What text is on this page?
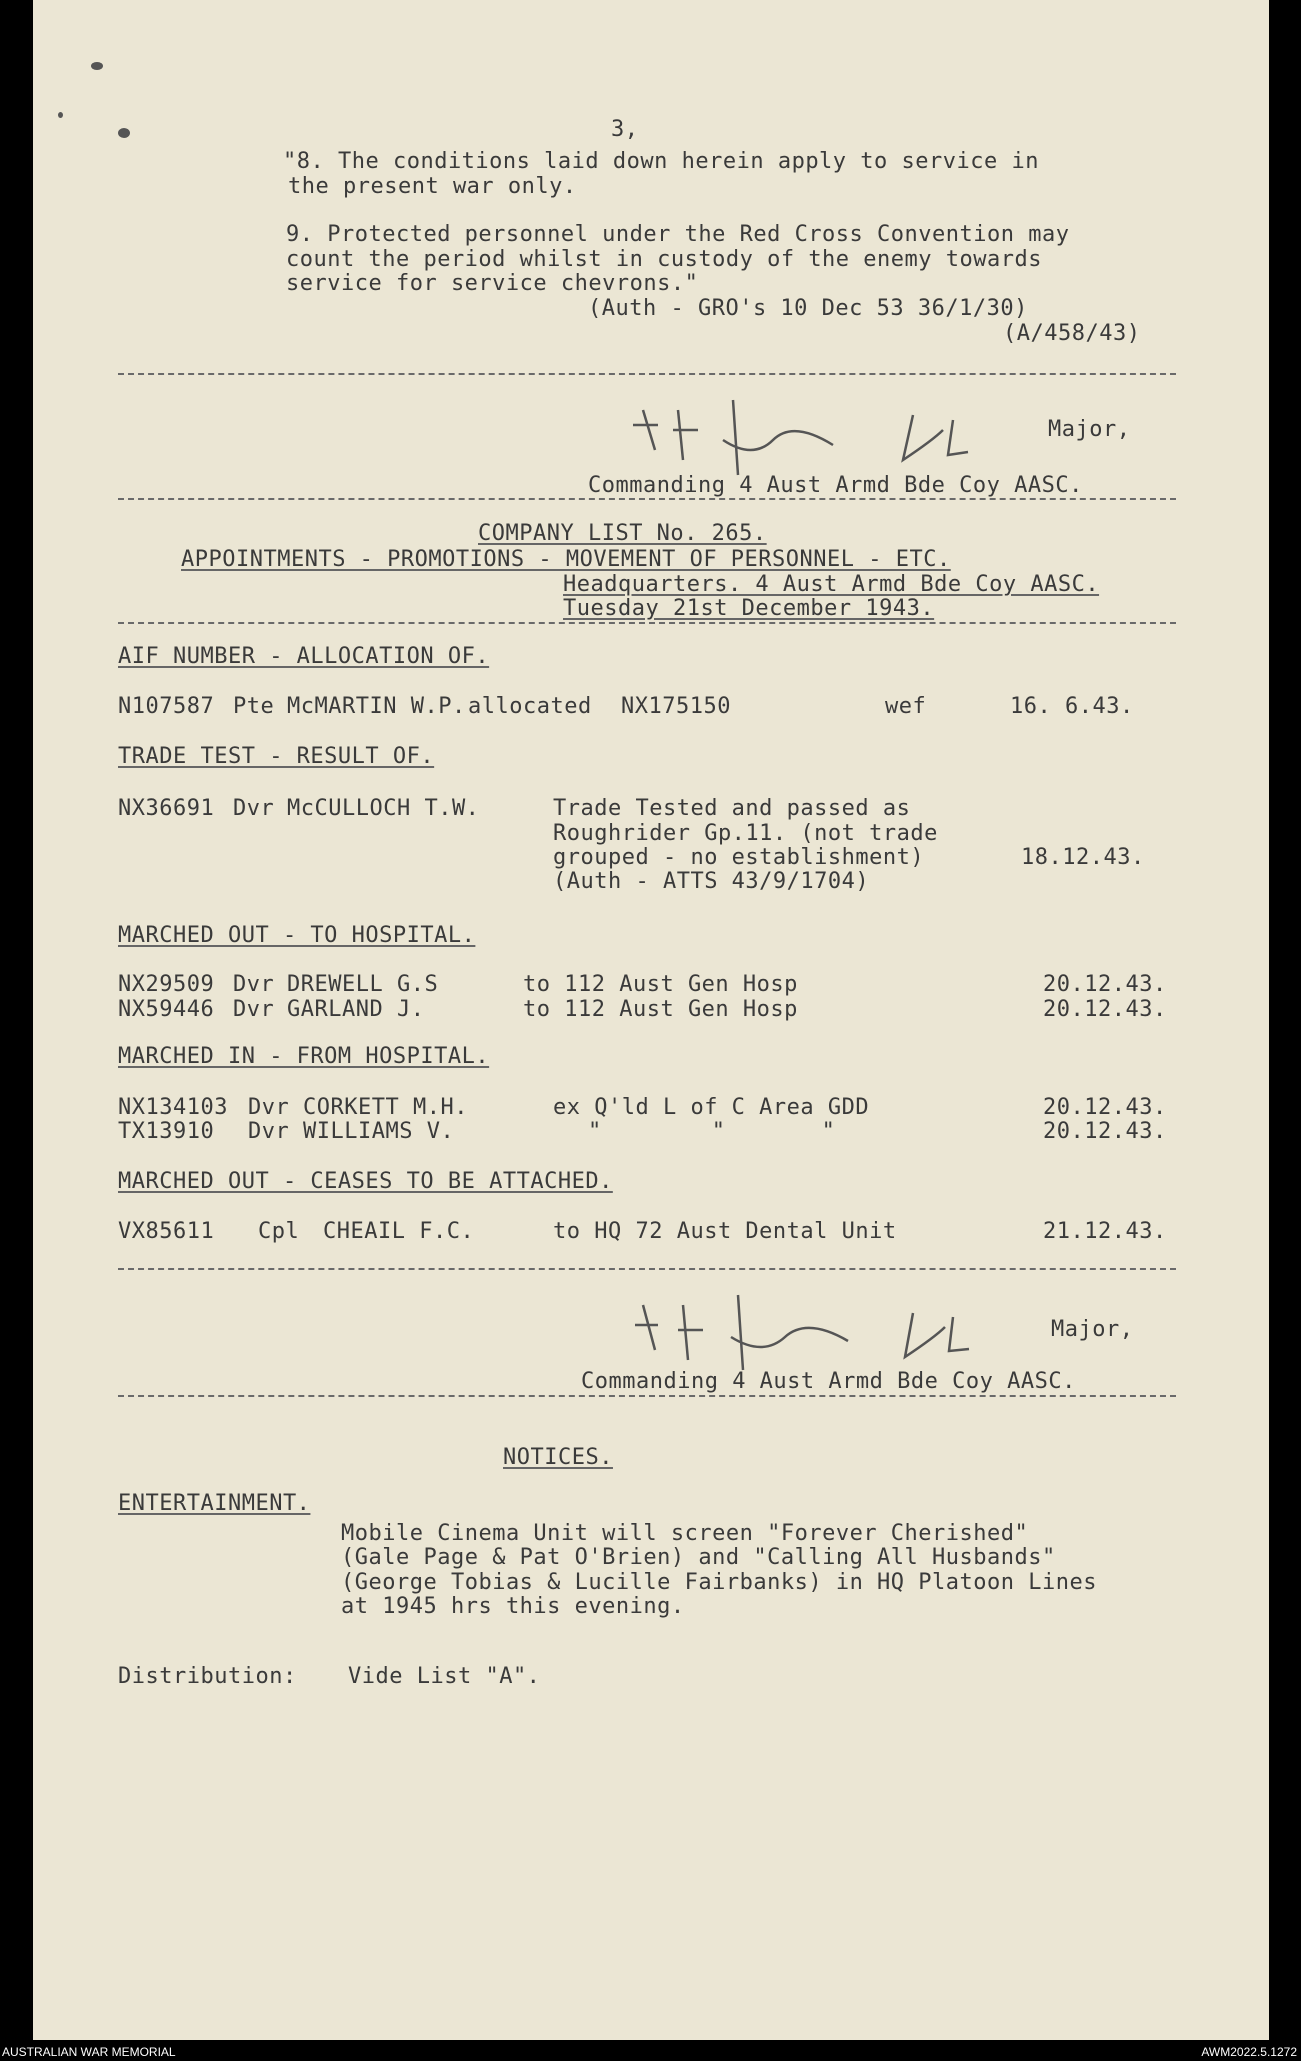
3,
"8. The conditions laid down herein apply to service in
the present war only.
9. Protected personnel under the Red Cross Convention may
count the period whilst in custody of the enemy towards
service for service chevrons."
(Auth - GRO's 10 Dec 53 36/1/30)
(A/458/43)
Major,
Commanding 4 Aust Armd Bde Coy AASC.
COMPANY LIST No. 265.
APPOINTMENTS - PROMOTIONS - MOVEMENT OF PERSONNEL - ETC.
Headquarters. 4 Aust Armd Bde Coy AASC.
Tuesday 21st December 1943.
AIF NUMBER - ALLOCATION OF.
N107587 Pte McMARTIN W.P. allocated NX175150	wef	16. 6.43.
TRADE TEST - RESULT OF.
NX36691 Dvr McCULLOCH T.W.	Trade Tested and passed as
Roughrider Gp.11. (not trade
grouped - no establishment)	18.12.43.
(Auth - ATTS 43/9/1704)
MARCHED OUT - TO HOSPITAL.
NX29509 Dvr DREWELL G.S	to 112 Aust Gen Hosp	20.12.43.
NX59446 Dvr GARLAND J.	to 112 Aust Gen Hosp	20.12.43.
MARCHED IN - FROM HOSPITAL.
NX134103 Dvr CORKETT M.H.	ex Q'ld L of C Area GDD	20.12.43.
TX13910 Dvr WILLIAMS V.	"        "       "	20.12.43.
MARCHED OUT - CEASES TO BE ATTACHED.
VX85611 Cpl CHEAIL F.C.	to HQ 72 Aust Dental Unit	21.12.43.
Major,
Commanding 4 Aust Armd Bde Coy AASC.
NOTICES.
ENTERTAINMENT.
Mobile Cinema Unit will screen "Forever Cherished"
(Gale Page & Pat O'Brien) and "Calling All Husbands"
(George Tobias & Lucille Fairbanks) in HQ Platoon Lines
at 1945 hrs this evening.
Distribution: Vide List "A".
AUSTRALIAN WAR MEMORIAL	AWM2022.5.1272
